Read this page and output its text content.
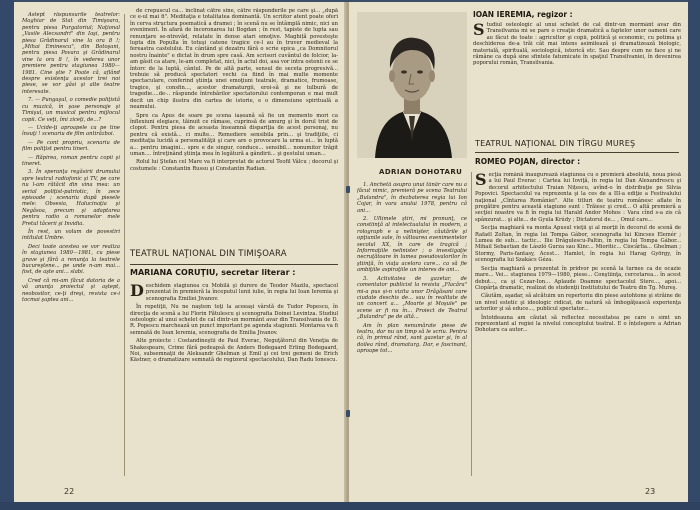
Astept răspunsurile teatrelor: Maghiar de Stat din Timişoara, pentru piesa Purgatoriul; Naţional „Vasile Alecsandri" din Iaşi, pentru piesa Grădinarul vine la ora 8 !; „Mihai Eminescu", din Botoşani, pentru piesa Povara şi Grădinarul vine la ora 8 !, în vederea unor premiere pentru stagiunea 1980—1981. Cine ştie ? Poate că, aflând despre existenţa acestor trei noi piese, se vor găsi şi alte teatre interesate.

7. — Pungaşul, o comedie poliţistă cu muzică, în şase personaje şi Timişul, un musical pentru mijlocul copii. Ce veţi, îmi ziceţi, de...?

— Ucide-ţi aproapele ca pe tine însuţi ! scenariu de film antirăzboi.

— Pe cont propriu, scenariu de film poliţist pentru tineri.

— Răpirea, roman pentru copii şi tineret.

3. În speranţa regăsirii drumului spre teatrul radiofonic şi TV, pe care nu l-am rătăcit din vina mea: un serial poliţist-patriotic, în zece episoade ; scenariu după piesele mele: Obsesia, Halucinaţia şi Negăsoa, precum şi adaptarea pentru radio a romanelor mele Pretul tăcerii şi Invidia.

În rest, un volum de povestiri intitulat Umbre.

Deci toate acestea se vor realiza în stagiunea 1980—1981, cu piese grave şi fără a renunţa la teatrele bucureştene... pe unde n-am mai... fost, de aşte ani... slabi.

Cred că mi-am făcut datoria de a vă anunţa proiectul şi aştept, neobositor, ce-ţi dreşi, revista ce-i tocmai şaptea ani...

de crepuscul ca... înclinat cătrе sine, cătrе răspunderile pe care şi... „după ce e-ul mai fi". Meditaţia e totalitatea dominantă. Un scriitor atent poate oferi în cerva structura poematică a dramei ; în scenă nu se întâmplă nimic, nici un eveniment. În afară de încoronarea lui Bogdan ; în rest, tapiste de lupta sau renunţare se-ntrevăd, relatate în dense atari emoţive. Maghiță povesteşte lupta din Populla în totuşi catene tragice ce-l au în truver medieval la fereastra castelului. Eu cântând şi dezatru fără o scrie epica „ca Domnitorul nostru înainte" e dictat în drum spre casă. Am scrisori cuvântul de folcior, la-am găsit ca atare, le-am completat, nici, în actul doi, asa vor intra ostenii ce se întorc de la luptă, cântul. Pe de altă parte, sensul de seceta progresivă... trebuie să producă spectatori vechi ca fiind în mai multe momente spectaculare, conferind ştiinţa unei emoţiuni teatrale, dramatice, frumoase, tragice, şi consfin..., acestor dramaturgii, eroi-să şi ne tulbură de tragedie....de-.. răspunde întrebărilor spectatorului contemporan e mai mult decit un chip ilustra din cartea de istorie, e o dimensiune spirituală a neamului.

Spre ca Apus de soare pe scena iașeană să fie un memento mori ca înflexiuni elegiace, tăinuit ce rămase, cuprinsă de amurg şi în dorul trist de clopot. Pentru piesa de aceasta înseamnă dispariţia de acest personaj, nu pentru că există... ci multe... Remediere sensibila prin... şi tradiţiile, ci meditaţia lucidă a personalităţii şi care are o provocare la urma ei... în luptă a... pentru imagini... spre e de singur, conduce... sensibil... nonumitor trăgit uman.... întreţinând ştiinţa mea în legătură a gândirii... şi gestului uman...

Rolul lui Ştefan cel Mare va fi interpretat de actorul Teofil Vâlcu ; decorul şi costumele : Constantin Russu şi Constantin Radian.

TEATRUL NAŢIONAL DIN TIMIŞOARA
MARIANA CORUŢIU, secretar literar :

Deschidem stagiunea cu Mobilă şi durere de Teodor Mazilu, spectacol prezentat în premieră la începutul lunii iulie, în regia lui Ioan Ieremia şi scenografia Emiliei Jivanov.

În repetiţii, Nu ne naştem toţi la aceeaşi vârstă de Tudor Popescu, în direcţia de scenă a lui Florin Fătulescu şi scenografia Doinei Levintza. Studiul osteologic al unui schelet de cal dintr-un mormânt avar din Transilvania de D. R. Popescu marchează un punct important pe agenda stagiunii. Montarea va fi semnată de Ioan Ieremia, scenografia de Emilia Jivanov.

Alte proiecte : Costandineştii de Paul Everac, Neguţătorul din Veneţia de Shakespeare, Crime fără pedeapsă de Anders Bodegaard Erling Bodegaard, Noi, subsemnaţii de Aleksandr Ghelman şi Emil şi cei trei gemeni de Erich Kästner, o dramatizare semnată de regizorul spectacolului, Dan Radu Ionescu.

22
ADRIAN DOHOTARU

1. Anchetă asupra unui tânăr care nu a făcut nimic, premieră pe scena Teatrului „Bulandra", în dezbaterea regia lui Ion Cojar, în vara anului 1978, pentru că ani...

2. Ultimele ştiri, mi pronunţ, ce constiinţă al intelectualului în modern, a rolograph e a nelinişter, căutările şi opţiunile sale, în vâltoarea evenimentelor secolul XX, în care de tragică ; Informaţiile nelinister ; o investigaţie necruţătoare în lumea pseudovalorilor în ştiinţă, în viaţa acelora care... ca să fie ambiţiile aspiraţiile un interes de ani...

3. Activitatea de gazetar, de comentator publicist la revista „Flacăra" mi-a pus și-n vizita unor Drăgăsani care ciudate deschis de... sau în realitate de un concert a... „Moarte şi Moşule" pe scene ar fi nu în... Proiect de Teatrul „Bulandra" pe de altă...

Am în plan nenumărate piese de teatru, dar nu un timp să le scriu. Pentru că, în primul rând, sunt gazetar şi, în al doilea rând, dramaturg. Dar, e fascinant, aproape tot...

IOAN IEREMIA, regizor :

Studiul osteologic al unui schelet de cal dintr-un mormânt avar din Transilvania mi se pare o creaţie dramatică a faptelor unor oameni care au făcut de toate : agricultor şi copii, politică şi economic, cu potima şi deschiderea de-a trăi cât mai intens asimilează şi dramatizează biologic, materială, spirituală, sociologică, istorică etc. Sau despre cum ne face şi ne rămâne ca după sine sfintele fatumicate în spaţiul Transilvaniei, în devenirea poporului român, Transilvania.

TEATRUL NAŢIONAL DIN TÎRGU MUREŞ
ROMEO POJAN, director :

Secţia română inaugurează stagiunea cu o premieră absolută, noua piesă a lui Paul Everac : Cartea lui Ioviţă, în regia lui Dan Alexandrescu şi decorul arhitectului Traian Nițescu, avînd-o în distribuţie pe Silvia Popovici. Spectacolul va reprezenta şi la ces de a III-a ediţie a Festivalului naţional „Cîntarea României". Alte titluri de teatru românesc aflate în pregătire pentru această stagiune sunt : Trăiesc şi cred... O altă premieră a secţiei noastre va fi în regia lui Harald Andor Mohos : Vara cînd s-a zis că spânzurat... şi alte... de Gyula Krúdy ; Dictatorul de... , Omul care...

Secţia maghiară va monta Apusul vieţii şi al morţii în decorul de scenă de Rafaël Zoltan, în regia lui Tompa Gábor, scenografia lui Kincses Elemér ; Lumea de sub... tactic... Ilie Drăgulescu-Paltin, în regia lui Tompa Gábor... Mihail Sebastian de László Gurza sau Kinc... Mioritic... Ciocârlia... Ghelman ; Stormy, Paris-fantasy, Acest... Hamlet, în regia lui Harag György, în scenografia lui Szakács Géza.

Secţia maghiară a prezentat în pridvor pe scenă la turnee ca de ocazie mare... Vei... stagiunea 1979—1980, piese... Conştiinţa, cercetarea... în acest debut..., ca şi Cezar-Ion... Aplaude Doamne spectacolul Stere..., apoi... Ciopârţa dramatic, realizat de studenţii Institutului de Teatru din Tg. Mureş.

Căutăm, aşadar, să alcătuim un repertoriu din piese autohtone şi străine de un nivel estetic şi ideologic ridicat, de natură să îmbogăţească experienţa actorilor şi să educe..., publicul spectator...

Întotdeauna am căutat să reflectez necesitatea pe care o simt un reprezentant al regiei la nivelul conceptului teatral. E o înțelegere a Adrian Dohotaru ca autor...

23
